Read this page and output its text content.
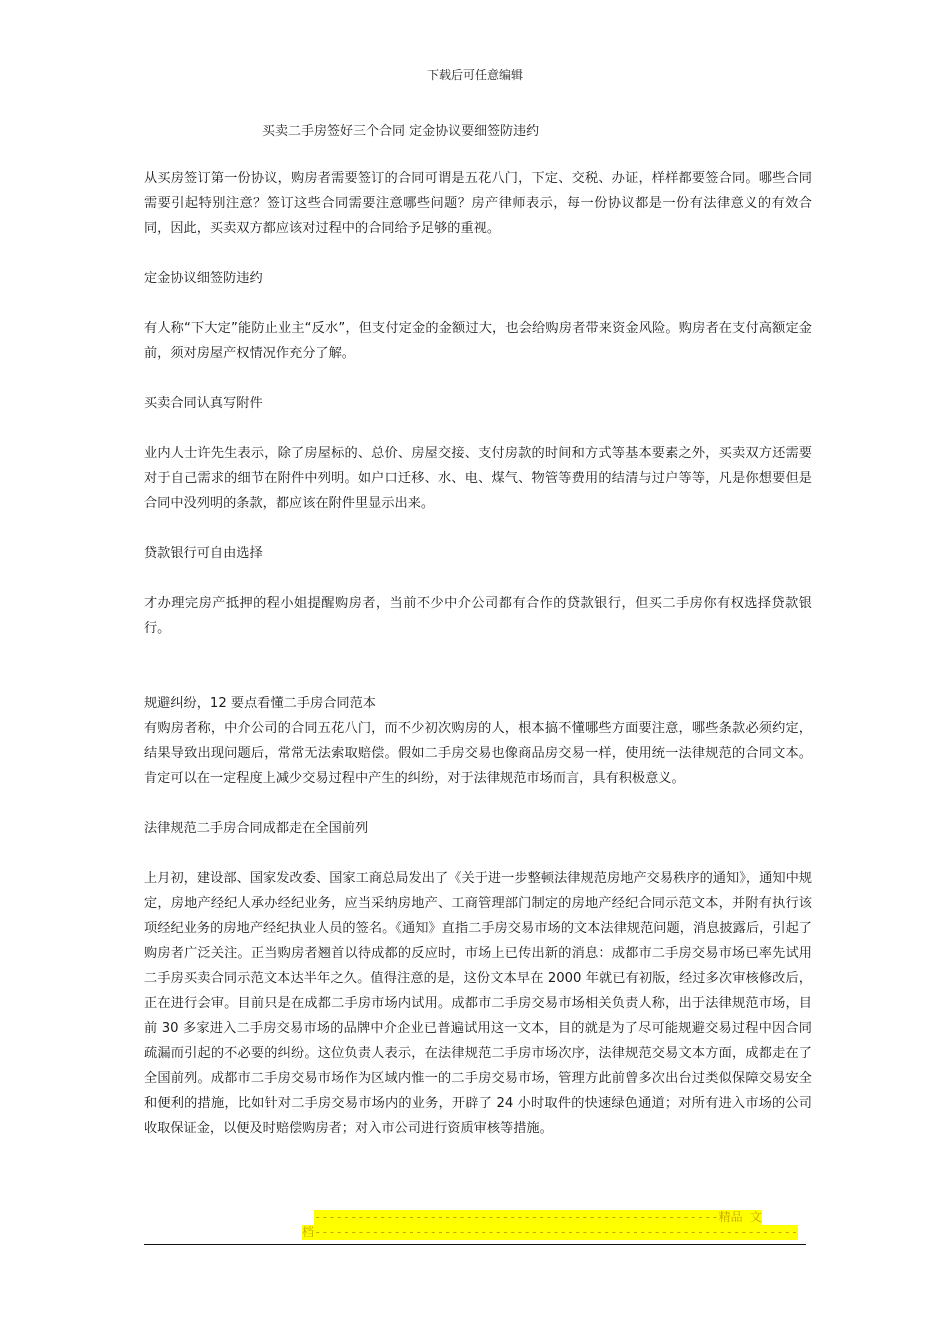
下载后可任意编辑
买卖二手房签好三个合同 定金协议要细签防违约

从买房签订第一份协议，购房者需要签订的合同可谓是五花八门，下定、交税、办证，样样都要签合同。哪些合同需要引起特别注意？签订这些合同需要注意哪些问题？房产律师表示，每一份协议都是一份有法律意义的有效合同，因此，买卖双方都应该对过程中的合同给予足够的重视。

定金协议细签防违约

有人称“下大定”能防止业主“反水”，但支付定金的金额过大，也会给购房者带来资金风险。购房者在支付高额定金前，须对房屋产权情况作充分了解。

买卖合同认真写附件

业内人士许先生表示，除了房屋标的、总价、房屋交接、支付房款的时间和方式等基本要素之外，买卖双方还需要对于自己需求的细节在附件中列明。如户口迁移、水、电、煤气、物管等费用的结清与过户等等，凡是你想要但是合同中没列明的条款，都应该在附件里显示出来。

贷款银行可自由选择

才办理完房产抵押的程小姐提醒购房者，当前不少中介公司都有合作的贷款银行，但买二手房你有权选择贷款银行。

规避纠纷，12 要点看懂二手房合同范本

有购房者称，中介公司的合同五花八门，而不少初次购房的人，根本搞不懂哪些方面要注意，哪些条款必须约定，结果导致出现问题后，常常无法索取赔偿。假如二手房交易也像商品房交易一样，使用统一法律规范的合同文本。肯定可以在一定程度上减少交易过程中产生的纠纷，对于法律规范市场而言，具有积极意义。

法律规范二手房合同成都走在全国前列

上月初，建设部、国家发改委、国家工商总局发出了《关于进一步整顿法律规范房地产交易秩序的通知》，通知中规定，房地产经纪人承办经纪业务，应当采纳房地产、工商管理部门制定的房地产经纪合同示范文本，并附有执行该项经纪业务的房地产经纪执业人员的签名。《通知》直指二手房交易市场的文本法律规范问题，消息披露后，引起了购房者广泛关注。正当购房者翘首以待成都的反应时，市场上已传出新的消息：成都市二手房交易市场已率先试用二手房买卖合同示范文本达半年之久。值得注意的是，这份文本早在 2000 年就已有初版，经过多次审核修改后，正在进行会审。目前只是在成都二手房市场内试用。成都市二手房交易市场相关负责人称，出于法律规范市场，目前 30 多家进入二手房交易市场的品牌中介企业已普遍试用这一文本，目的就是为了尽可能规避交易过程中因合同疏漏而引起的不必要的纠纷。这位负责人表示，在法律规范二手房市场次序，法律规范交易文本方面，成都走在了全国前列。成都市二手房交易市场作为区域内惟一的二手房交易市场，管理方此前曾多次出台过类似保障交易安全和便利的措施，比如针对二手房交易市场内的业务，开辟了 24 小时取件的快速绿色通道；对所有进入市场的公司收取保证金，以便及时赔偿购房者；对入市公司进行资质审核等措施。

--------------------------------------------------------精品 文
档-------------------------------------------------------------------
